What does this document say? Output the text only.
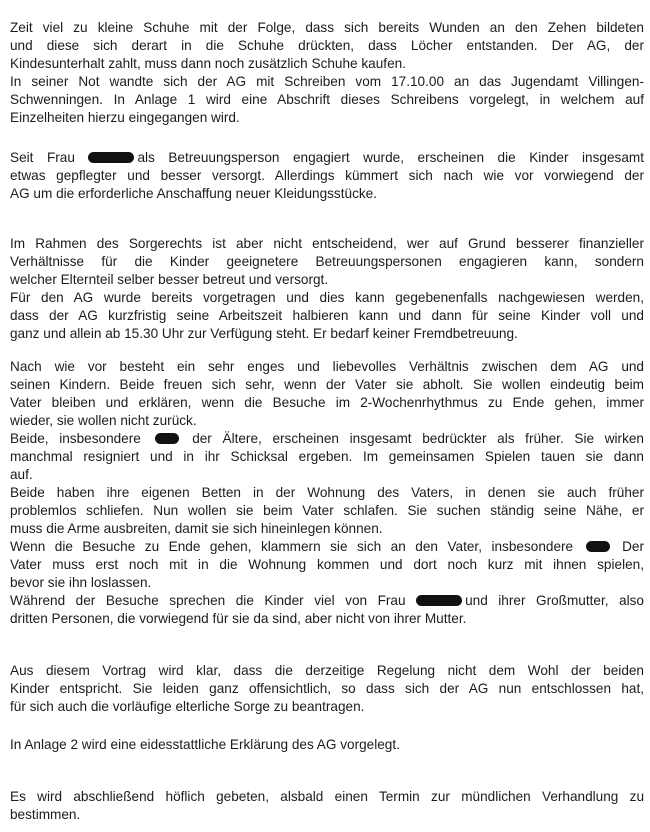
Zeit viel zu kleine Schuhe mit der Folge, dass sich bereits Wunden an den Zehen bildeten
und diese sich derart in die Schuhe drückten, dass Löcher entstanden. Der AG, der
Kindesunterhalt zahlt, muss dann noch zusätzlich Schuhe kaufen.
In seiner Not wandte sich der AG mit Schreiben vom 17.10.00 an das Jugendamt Villingen-
Schwenningen. In Anlage 1 wird eine Abschrift dieses Schreibens vorgelegt, in welchem auf
Einzelheiten hierzu eingegangen wird.
Seit Frau	als Betreuungsperson engagiert wurde, erscheinen die Kinder insgesamt
etwas gepflegter und besser versorgt. Allerdings kümmert sich nach wie vor vorwiegend der
AG um die erforderliche Anschaffung neuer Kleidungsstücke.
Im Rahmen des Sorgerechts ist aber nicht entscheidend, wer auf Grund besserer finanzieller
Verhältnisse für die Kinder geeignetere Betreuungspersonen engagieren kann, sondern
welcher Elternteil selber besser betreut und versorgt.
Für den AG wurde bereits vorgetragen und dies kann gegebenenfalls nachgewiesen werden,
dass der AG kurzfristig seine Arbeitszeit halbieren kann und dann für seine Kinder voll und
ganz und allein ab 15.30 Uhr zur Verfügung steht. Er bedarf keiner Fremdbetreuung.
Nach wie vor besteht ein sehr enges und liebevolles Verhältnis zwischen dem AG und
seinen Kindern. Beide freuen sich sehr, wenn der Vater sie abholt. Sie wollen eindeutig beim
Vater bleiben und erklären, wenn die Besuche im 2-Wochenrhythmus zu Ende gehen, immer
wieder, sie wollen nicht zurück.
Beide, insbesondere	der Ältere, erscheinen insgesamt bedrückter als früher. Sie wirken
manchmal resigniert und in ihr Schicksal ergeben. Im gemeinsamen Spielen tauen sie dann
auf.
Beide haben ihre eigenen Betten in der Wohnung des Vaters, in denen sie auch früher
problemlos schliefen. Nun wollen sie beim Vater schlafen. Sie suchen ständig seine Nähe, er
muss die Arme ausbreiten, damit sie sich hineinlegen können.
Wenn die Besuche zu Ende gehen, klammern sie sich an den Vater, insbesondere	Der
Vater muss erst noch mit in die Wohnung kommen und dort noch kurz mit ihnen spielen,
bevor sie ihn loslassen.
Während der Besuche sprechen die Kinder viel von Frau	und ihrer Großmutter, also
dritten Personen, die vorwiegend für sie da sind, aber nicht von ihrer Mutter.
Aus diesem Vortrag wird klar, dass die derzeitige Regelung nicht dem Wohl der beiden
Kinder entspricht. Sie leiden ganz offensichtlich, so dass sich der AG nun entschlossen hat,
für sich auch die vorläufige elterliche Sorge zu beantragen.
In Anlage 2 wird eine eidesstattliche Erklärung des AG vorgelegt.
Es wird abschließend höflich gebeten, alsbald einen Termin zur mündlichen Verhandlung zu
bestimmen.
